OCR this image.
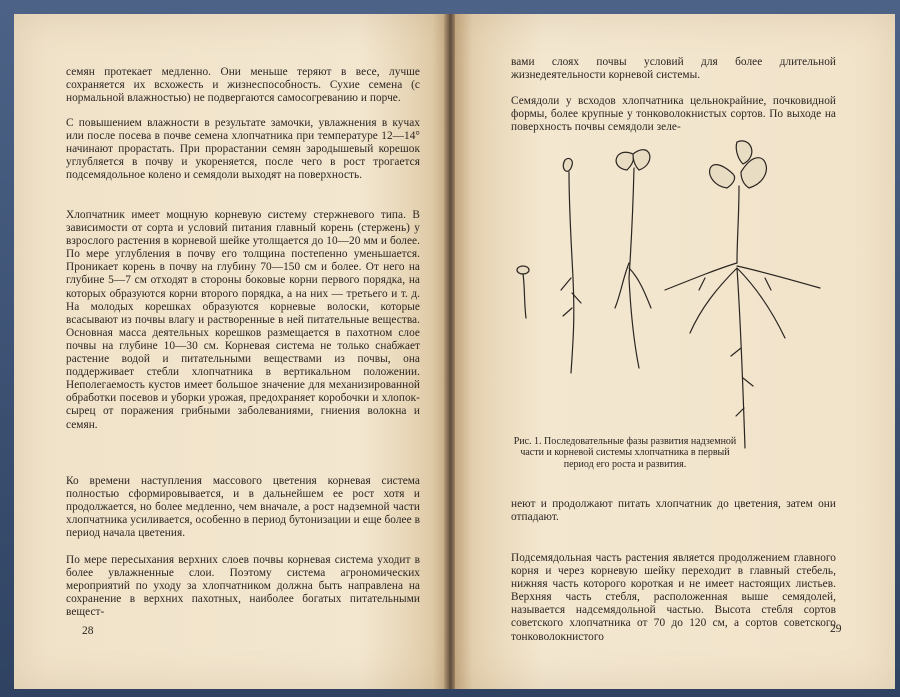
семян протекает медленно. Они меньше теряют в весе, лучше сохраняется их всхожесть и жизнеспособность. Сухие семена (с нормальной влажностью) не подвергаются самосогреванию и порче.

С повышением влажности в результате замочки, увлажнения в кучах или после посева в почве семена хлопчатника при температуре 12—14° начинают прорастать. При прорастании семян зародышевый корешок углубляется в почву и укореняется, после чего в рост трогается подсемядольное колено и семядоли выходят на поверхность.

Хлопчатник имеет мощную корневую систему стержневого типа. В зависимости от сорта и условий питания главный корень (стержень) у взрослого растения в корневой шейке утолщается до 10—20 мм и более. По мере углубления в почву его толщина постепенно уменьшается. Проникает корень в почву на глубину 70—150 см и более. От него на глубине 5—7 см отходят в стороны боковые корни первого порядка, на которых образуются корни второго порядка, а на них — третьего и т. д. На молодых корешках образуются корневые волоски, которые всасывают из почвы влагу и растворенные в ней питательные вещества. Основная масса деятельных корешков размещается в пахотном слое почвы на глубине 10—30 см. Корневая система не только снабжает растение водой и питательными веществами из почвы, она поддерживает стебли хлопчатника в вертикальном положении. Неполегаемость кустов имеет большое значение для механизированной обработки посевов и уборки урожая, предохраняет коробочки и хлопок-сырец от поражения грибными заболеваниями, гниения волокна и семян.

Ко времени наступления массового цветения корневая система полностью сформировывается, и в дальнейшем ее рост хотя и продолжается, но более медленно, чем вначале, а рост надземной части хлопчатника усиливается, особенно в период бутонизации и еще более в период начала цветения.

По мере пересыхания верхних слоев почвы корневая система уходит в более увлажненные слои. Поэтому система агрономических мероприятий по уходу за хлопчатником должна быть направлена на сохранение в верхних пахотных, наиболее богатых питательными вещест-

28

вами слоях почвы условий для более длительной жизнедеятельности корневой системы.

Семядоли у всходов хлопчатника цельнокрайние, почковидной формы, более крупные у тонковолокнистых сортов. По выходе на поверхность почвы семядоли зеле-

Рис. 1. Последовательные фазы развития надземной части и корневой системы хлопчатника в первый период его роста и развития.

неют и продолжают питать хлопчатник до цветения, затем они отпадают.

Подсемядольная часть растения является продолжением главного корня и через корневую шейку переходит в главный стебель, нижняя часть которого короткая и не имеет настоящих листьев. Верхняя часть стебля, расположенная выше семядолей, называется надсемядольной частью. Высота стебля сортов советского хлопчатника от 70 до 120 см, а сортов советского тонковолокнистого

29
